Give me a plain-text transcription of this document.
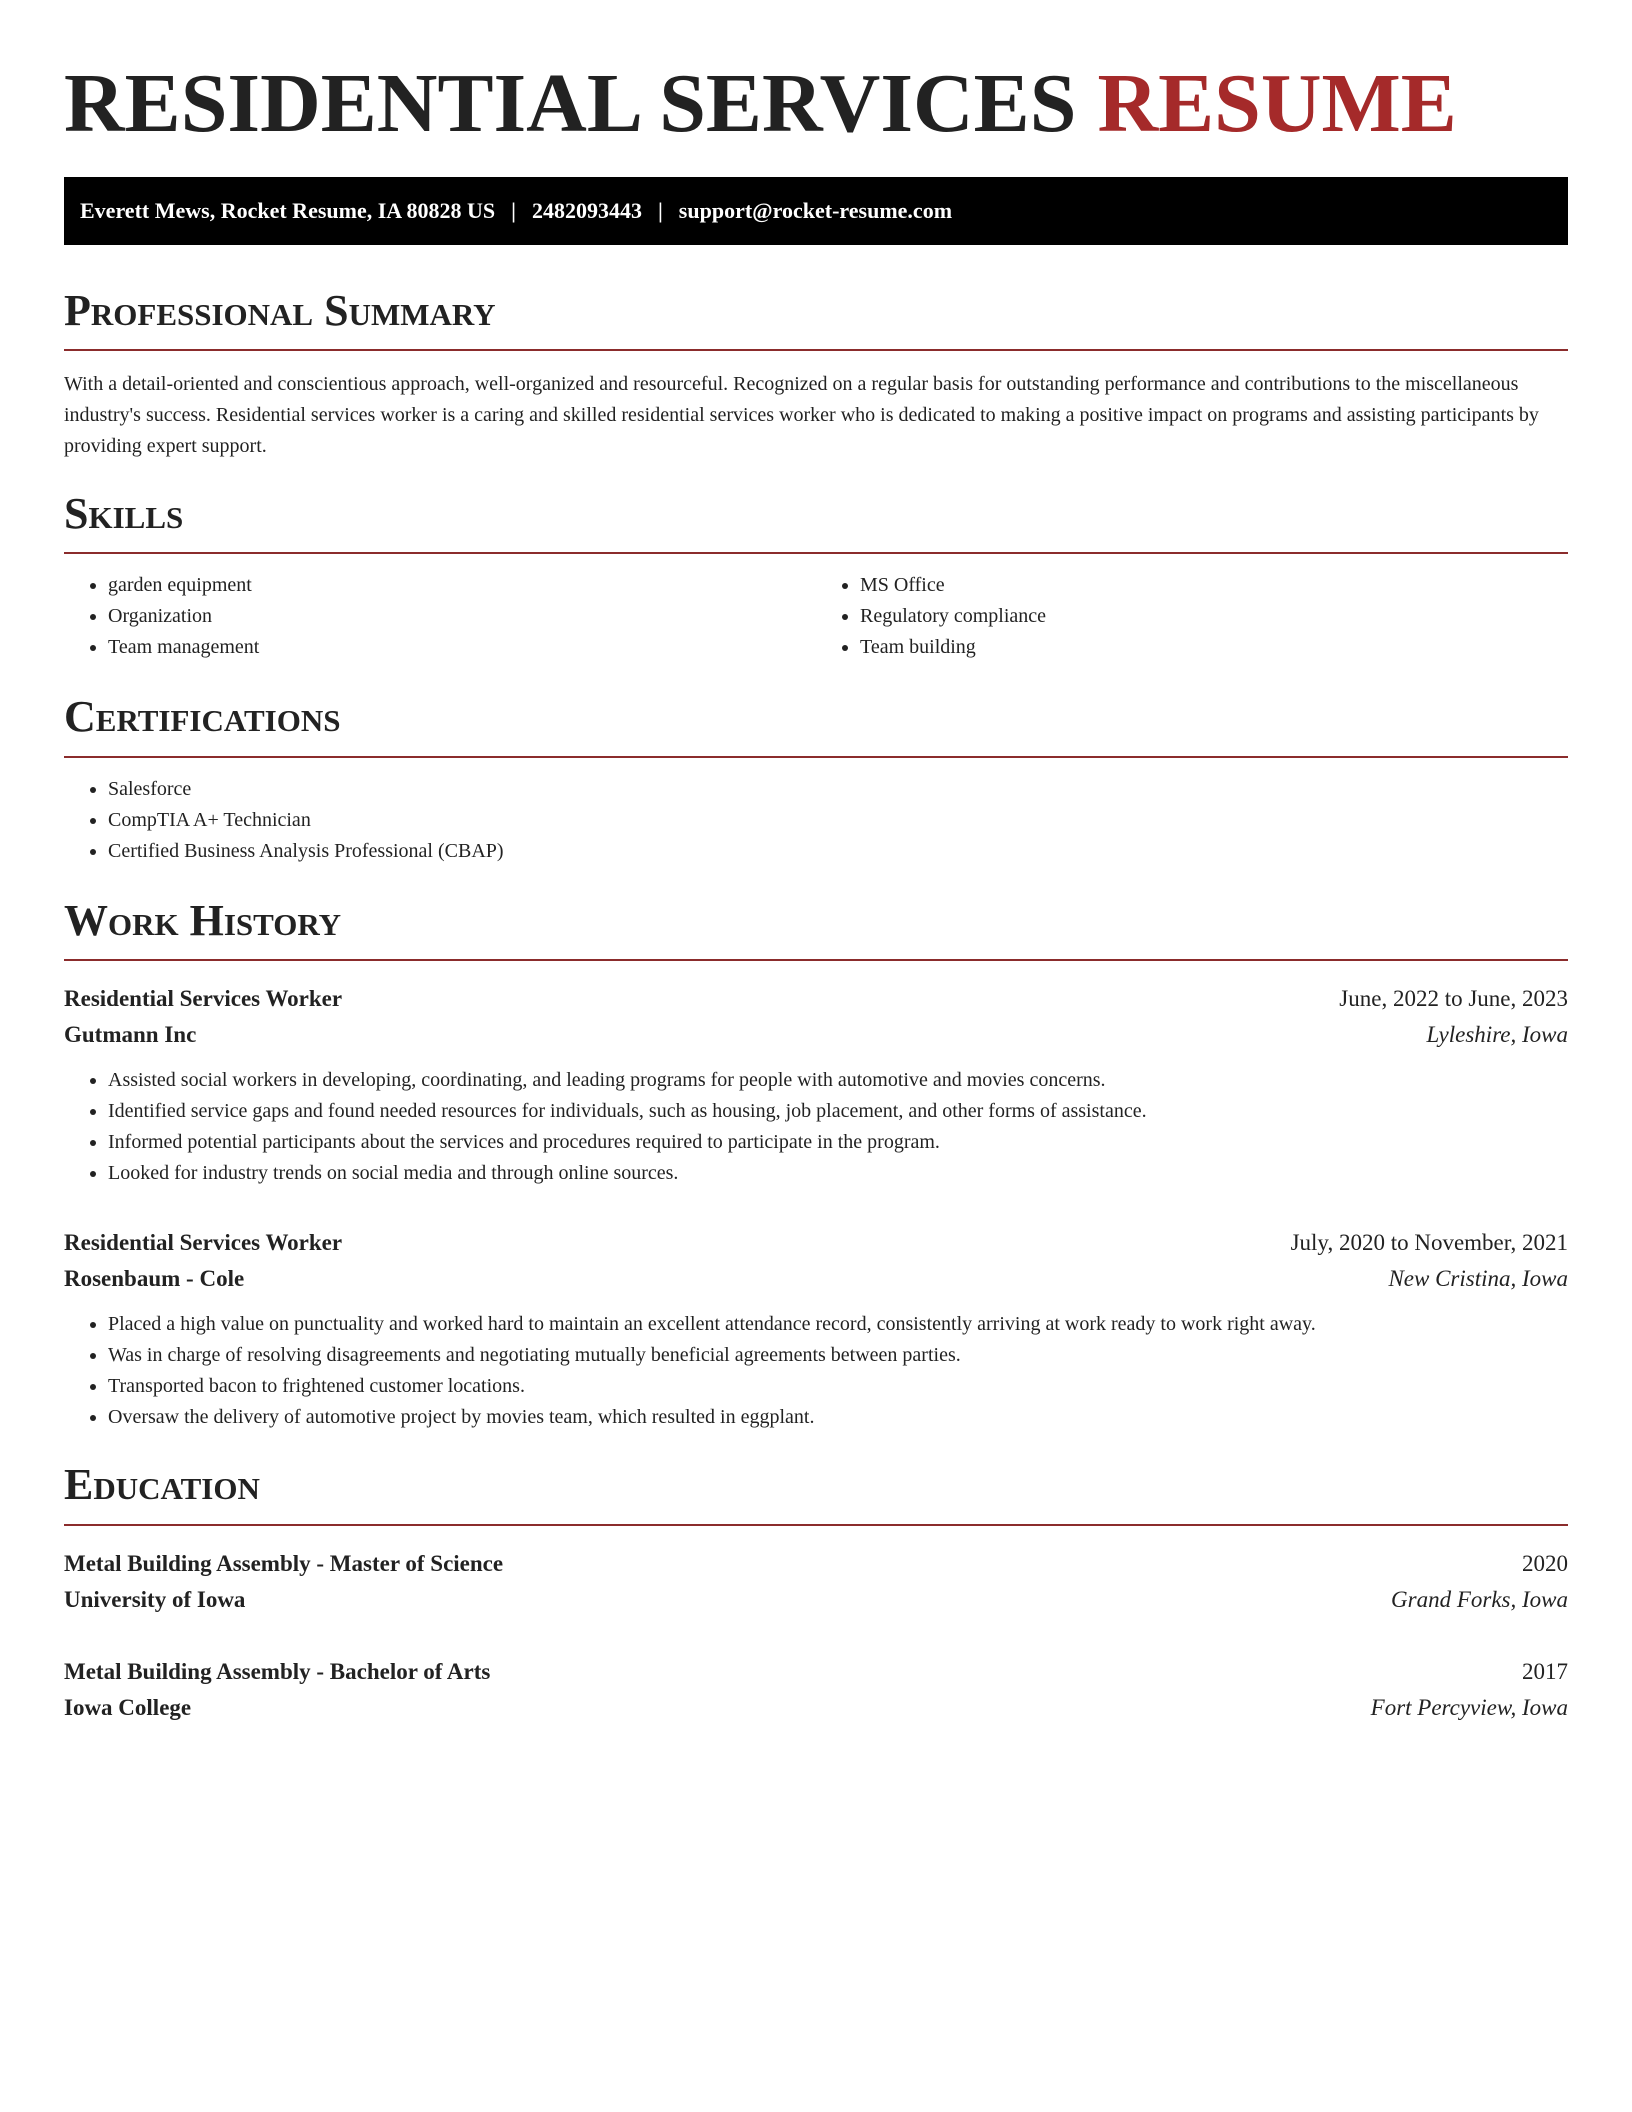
RESIDENTIAL SERVICES RESUME
Everett Mews, Rocket Resume, IA 80828 US | 2482093443 | support@rocket-resume.com
Professional Summary

With a detail-oriented and conscientious approach, well-organized and resourceful. Recognized on a regular basis for outstanding performance and contributions to the miscellaneous industry's success. Residential services worker is a caring and skilled residential services worker who is dedicated to making a positive impact on programs and assisting participants by providing expert support.

Skills
• garden equipment
• Organization
• Team management
• MS Office
• Regulatory compliance
• Team building
Certifications
• Salesforce
• CompTIA A+ Technician
• Certified Business Analysis Professional (CBAP)
Work History
Residential Services Worker	June, 2022 to June, 2023
Gutmann Inc	Lyleshire, Iowa
• Assisted social workers in developing, coordinating, and leading programs for people with automotive and movies concerns.
• Identified service gaps and found needed resources for individuals, such as housing, job placement, and other forms of assistance.
• Informed potential participants about the services and procedures required to participate in the program.
• Looked for industry trends on social media and through online sources.
Residential Services Worker	July, 2020 to November, 2021
Rosenbaum - Cole	New Cristina, Iowa
• Placed a high value on punctuality and worked hard to maintain an excellent attendance record, consistently arriving at work ready to work right away.
• Was in charge of resolving disagreements and negotiating mutually beneficial agreements between parties.
• Transported bacon to frightened customer locations.
• Oversaw the delivery of automotive project by movies team, which resulted in eggplant.
Education
Metal Building Assembly - Master of Science	2020
University of Iowa	Grand Forks, Iowa
Metal Building Assembly - Bachelor of Arts	2017
Iowa College	Fort Percyview, Iowa
